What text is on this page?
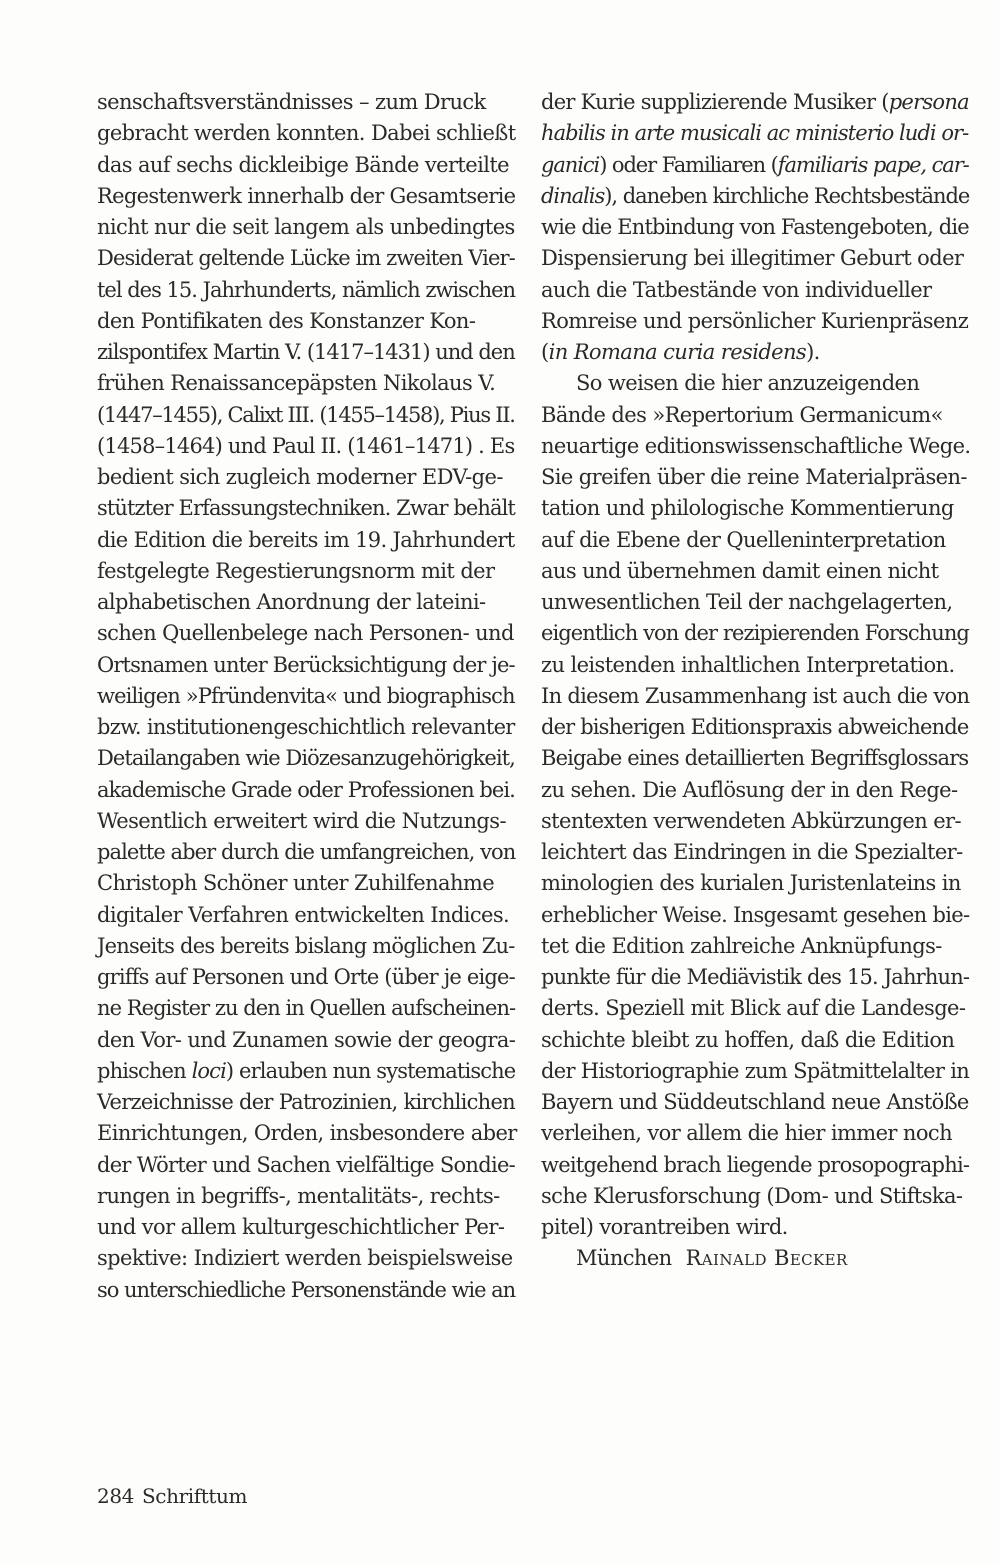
senschaftsverständnisses – zum Druck
gebracht werden konnten. Dabei schließt
das auf sechs dickleibige Bände verteilte
Regestenwerk innerhalb der Gesamtserie
nicht nur die seit langem als unbedingtes
Desiderat geltende Lücke im zweiten Vier-
tel des 15. Jahrhunderts, nämlich zwischen
den Pontifikaten des Konstanzer Kon-
zilspontifex Martin V. (1417–1431) und den
frühen Renaissancepäpsten Nikolaus V.
(1447–1455), Calixt III. (1455–1458), Pius II.
(1458–1464) und Paul II. (1461–1471) . Es
bedient sich zugleich moderner EDV-ge-
stützter Erfassungstechniken. Zwar behält
die Edition die bereits im 19. Jahrhundert
festgelegte Regestierungsnorm mit der
alphabetischen Anordnung der lateini-
schen Quellenbelege nach Personen- und
Ortsnamen unter Berücksichtigung der je-
weiligen »Pfründenvita« und biographisch
bzw. institutionengeschichtlich relevanter
Detailangaben wie Diözesanzugehörigkeit,
akademische Grade oder Professionen bei.
Wesentlich erweitert wird die Nutzungs-
palette aber durch die umfangreichen, von
Christoph Schöner unter Zuhilfenahme
digitaler Verfahren entwickelten Indices.
Jenseits des bereits bislang möglichen Zu-
griffs auf Personen und Orte (über je eige-
ne Register zu den in Quellen aufscheinen-
den Vor- und Zunamen sowie der geogra-
phischen loci) erlauben nun systematische
Verzeichnisse der Patrozinien, kirchlichen
Einrichtungen, Orden, insbesondere aber
der Wörter und Sachen vielfältige Sondie-
rungen in begriffs-, mentalitäts-, rechts-
und vor allem kulturgeschichtlicher Per-
spektive: Indiziert werden beispielsweise
so unterschiedliche Personenstände wie an
der Kurie supplizierende Musiker (persona
habilis in arte musicali ac ministerio ludi or-
ganici) oder Familiaren (familiaris pape, car-
dinalis), daneben kirchliche Rechtsbestände
wie die Entbindung von Fastengeboten, die
Dispensierung bei illegitimer Geburt oder
auch die Tatbestände von individueller
Romreise und persönlicher Kurienpräsenz
(in Romana curia residens).
So weisen die hier anzuzeigenden
Bände des »Repertorium Germanicum«
neuartige editionswissenschaftliche Wege.
Sie greifen über die reine Materialpräsen-
tation und philologische Kommentierung
auf die Ebene der Quelleninterpretation
aus und übernehmen damit einen nicht
unwesentlichen Teil der nachgelagerten,
eigentlich von der rezipierenden Forschung
zu leistenden inhaltlichen Interpretation.
In diesem Zusammenhang ist auch die von
der bisherigen Editionspraxis abweichende
Beigabe eines detaillierten Begriffsglossars
zu sehen. Die Auflösung der in den Rege-
stentexten verwendeten Abkürzungen er-
leichtert das Eindringen in die Spezialter-
minologien des kurialen Juristenlateins in
erheblicher Weise. Insgesamt gesehen bie-
tet die Edition zahlreiche Anknüpfungs-
punkte für die Mediävistik des 15. Jahrhun-
derts. Speziell mit Blick auf die Landesge-
schichte bleibt zu hoffen, daß die Edition
der Historiographie zum Spätmittelalter in
Bayern und Süddeutschland neue Anstöße
verleihen, vor allem die hier immer noch
weitgehend brach liegende prosopographi-
sche Klerusforschung (Dom- und Stiftska-
pitel) vorantreiben wird.
München Rainald Becker
284 Schrifttum
